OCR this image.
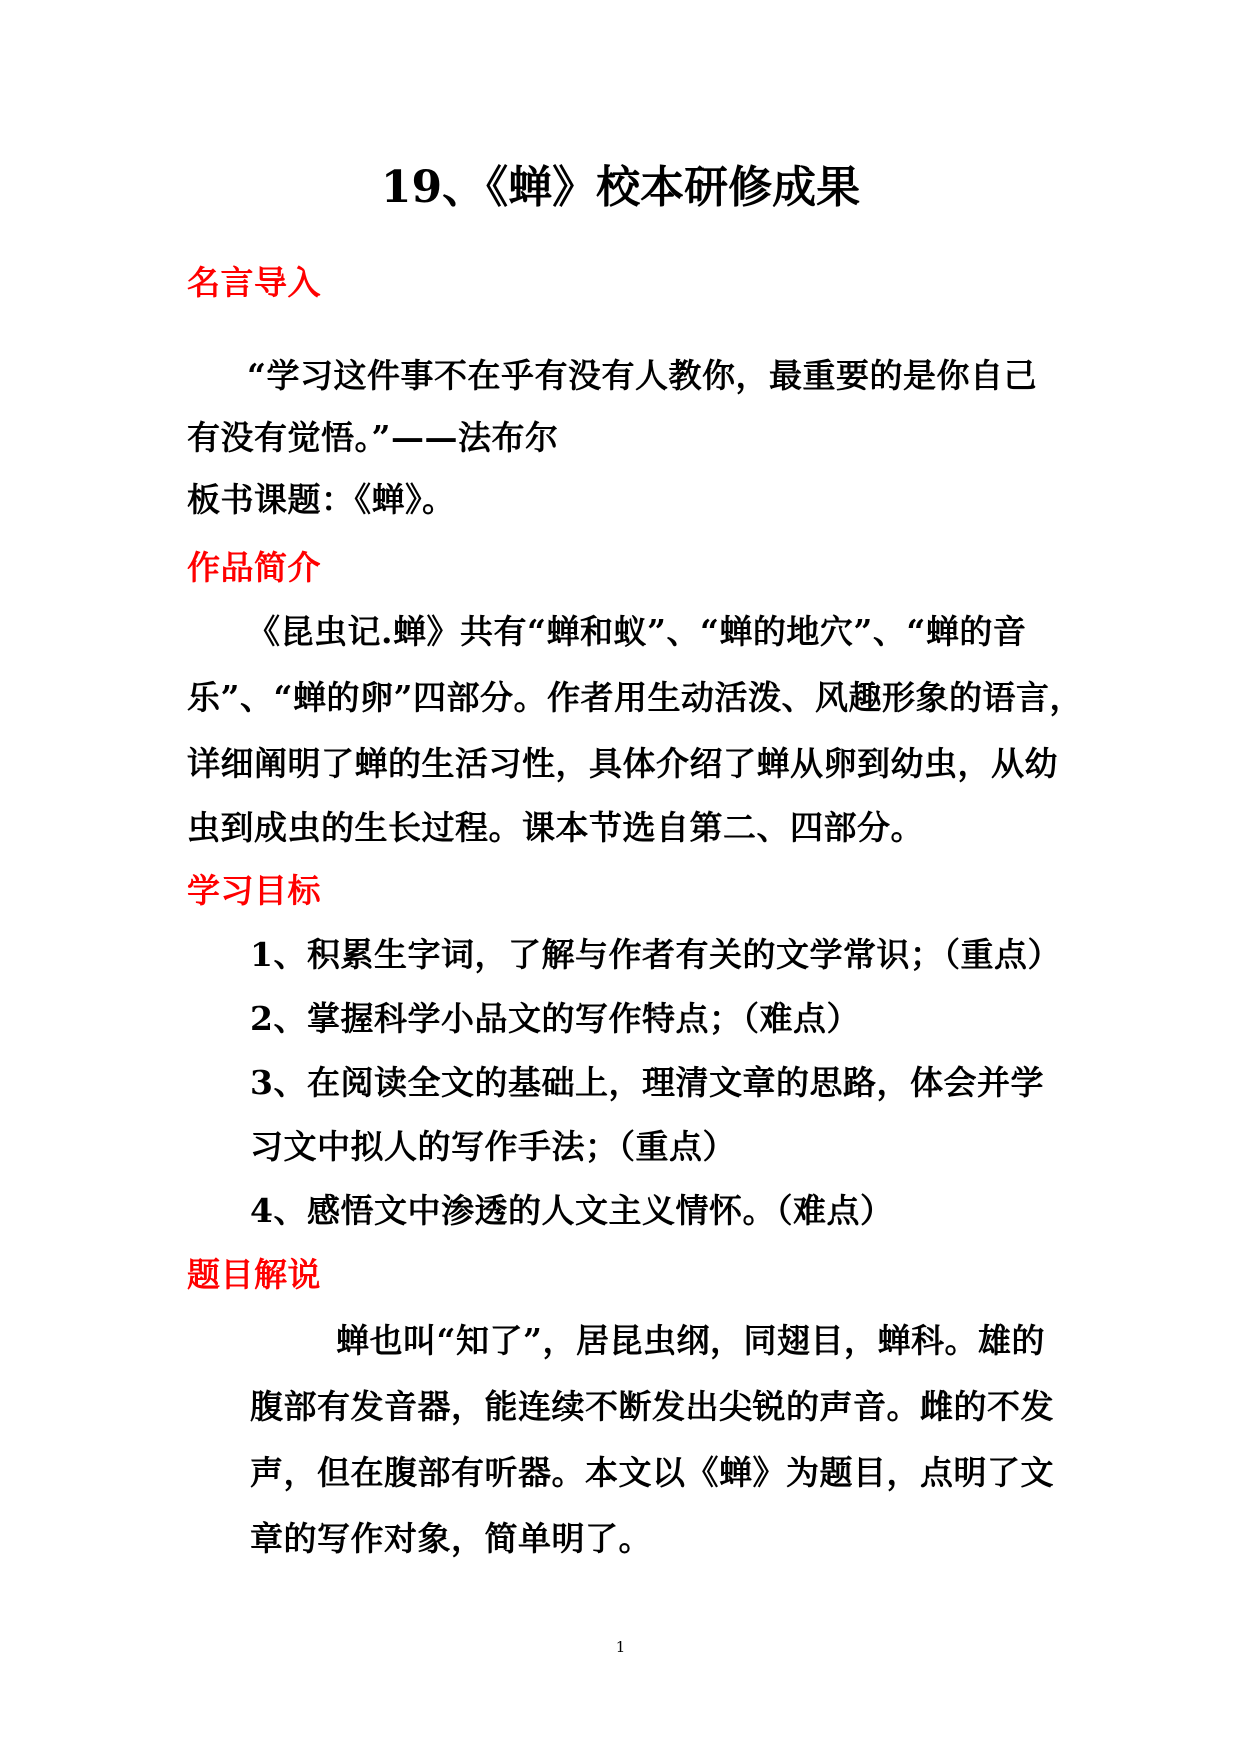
19、《蝉》校本研修成果
名言导入
“学习这件事不在乎有没有人教你，最重要的是你自己
有没有觉悟。”——法布尔
板书课题：《蝉》。
作品简介
《昆虫记.蝉》共有“蝉和蚁”、“蝉的地穴”、“蝉的音
乐”、“蝉的卵”四部分。作者用生动活泼、风趣形象的语言，
详细阐明了蝉的生活习性，具体介绍了蝉从卵到幼虫，从幼
虫到成虫的生长过程。课本节选自第二、四部分。
学习目标
1、积累生字词，了解与作者有关的文学常识；（重点）
2、掌握科学小品文的写作特点；（难点）
3、在阅读全文的基础上，理清文章的思路，体会并学
习文中拟人的写作手法；（重点）
4、感悟文中渗透的人文主义情怀。（难点）
题目解说
蝉也叫“知了”，居昆虫纲，同翅目，蝉科。雄的
腹部有发音器，能连续不断发出尖锐的声音。雌的不发
声，但在腹部有听器。本文以《蝉》为题目，点明了文
章的写作对象，简单明了。
1
